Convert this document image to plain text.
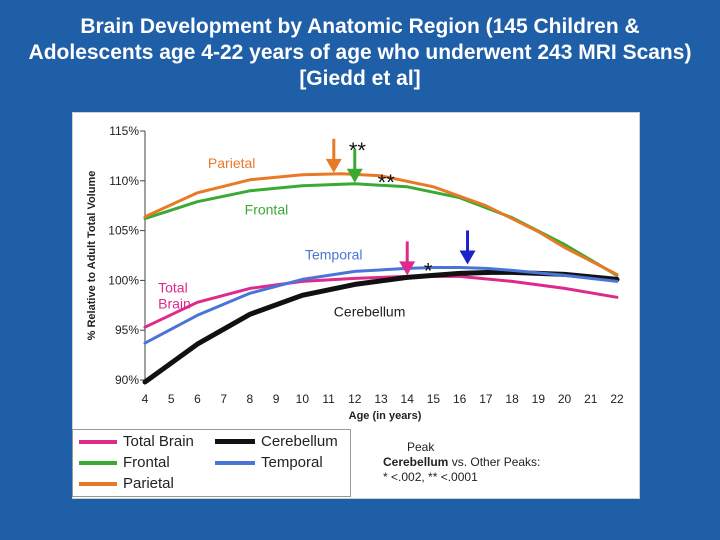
Brain Development by Anatomic Region (145 Children & Adolescents age 4-22 years of age who underwent 243 MRI Scans) [Giedd et al]
90%
95%
100%
105%
110%
115%
4 5 6 7 8 9 10 11 12 13 14 15 16 17 18 19 20 21 22
Age (in years)
% Relative to Adult Total Volume
Parietal
Frontal
Temporal
Total
Brain	Cerebellum
**
**
*
Total Brain
Frontal
Parietal
Cerebellum
Temporal
Peak
Cerebellum vs. Other Peaks:
* <.002, ** <.0001
